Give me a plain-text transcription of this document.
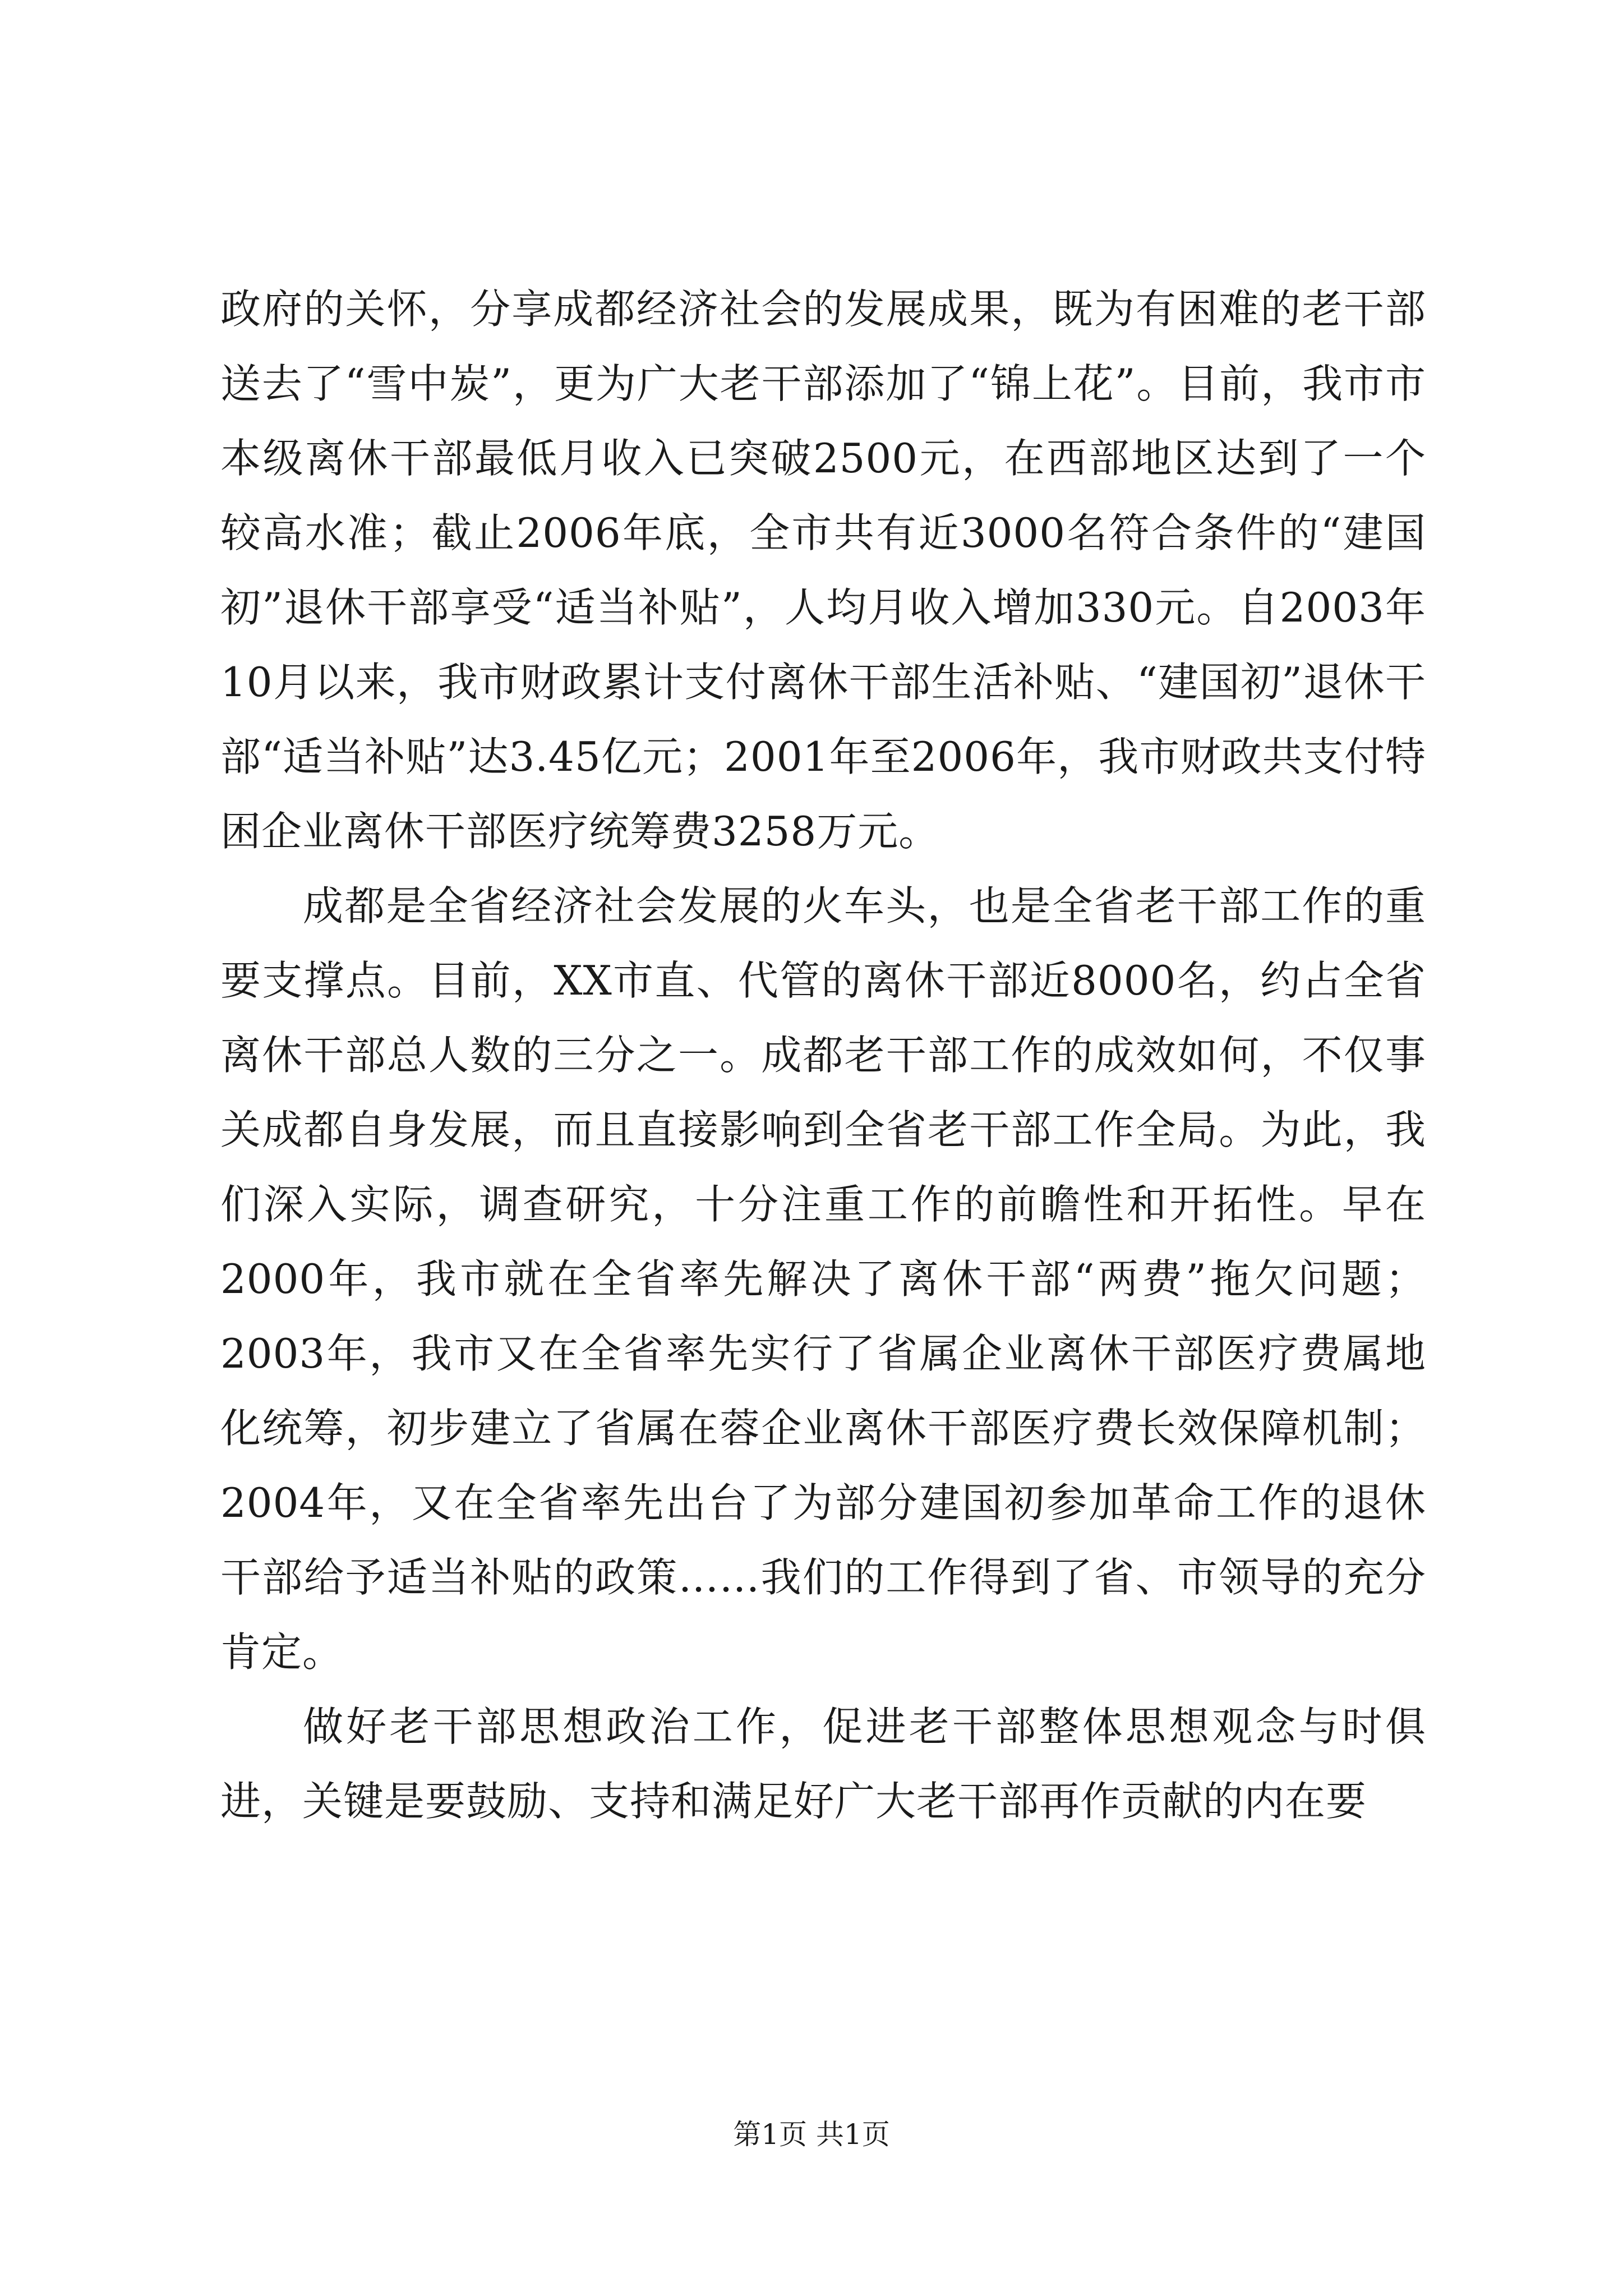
政府的关怀，分享成都经济社会的发展成果，既为有困难的老干部送去了“雪中炭”，更为广大老干部添加了“锦上花”。目前，我市市本级离休干部最低月收入已突破2500元，在西部地区达到了一个较高水准；截止2006年底，全市共有近3000名符合条件的“建国初”退休干部享受“适当补贴”，人均月收入增加330元。自2003年10月以来，我市财政累计支付离休干部生活补贴、“建国初”退休干部“适当补贴”达3.45亿元；2001年至2006年，我市财政共支付特困企业离休干部医疗统筹费3258万元。

成都是全省经济社会发展的火车头，也是全省老干部工作的重要支撑点。目前，XX市直、代管的离休干部近8000名，约占全省离休干部总人数的三分之一。成都老干部工作的成效如何，不仅事关成都自身发展，而且直接影响到全省老干部工作全局。为此，我们深入实际，调查研究，十分注重工作的前瞻性和开拓性。早在2000年，我市就在全省率先解决了离休干部“两费”拖欠问题；2003年，我市又在全省率先实行了省属企业离休干部医疗费属地化统筹，初步建立了省属在蓉企业离休干部医疗费长效保障机制；2004年，又在全省率先出台了为部分建国初参加革命工作的退休干部给予适当补贴的政策……我们的工作得到了省、市领导的充分肯定。

做好老干部思想政治工作，促进老干部整体思想观念与时俱进，关键是要鼓励、支持和满足好广大老干部再作贡献的内在要

第1页 共1页
